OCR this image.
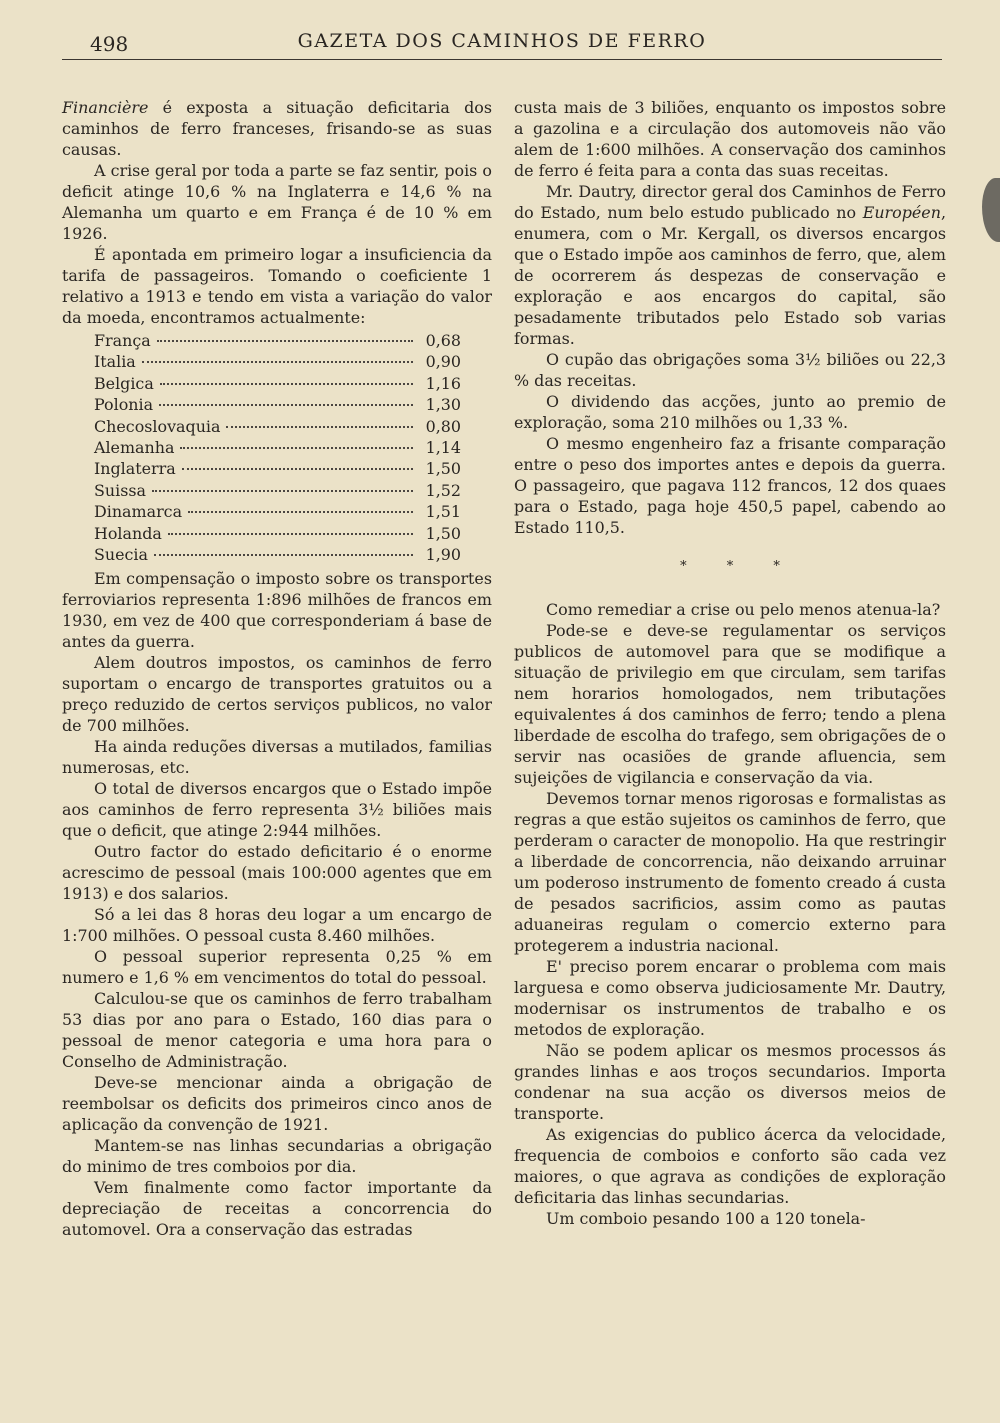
498	GAZETA DOS CAMINHOS DE FERRO

Financière é exposta a situação deficitaria dos caminhos de ferro franceses, frisando-se as suas causas.

A crise geral por toda a parte se faz sentir, pois o deficit atinge 10,6 % na Inglaterra e 14,6 % na Alemanha um quarto e em França é de 10 % em 1926.

É apontada em primeiro logar a insuficiencia da tarifa de passageiros. Tomando o coeficiente 1 relativo a 1913 e tendo em vista a variação do valor da moeda, encontramos actualmente:

França	0,68
Italia	0,90
Belgica	1,16
Polonia	1,30
Checoslovaquia	0,80
Alemanha	1,14
Inglaterra	1,50
Suissa	1,52
Dinamarca	1,51
Holanda	1,50
Suecia	1,90

Em compensação o imposto sobre os transportes ferroviarios representa 1:896 milhões de francos em 1930, em vez de 400 que corresponderiam á base de antes da guerra.

Alem doutros impostos, os caminhos de ferro suportam o encargo de transportes gratuitos ou a preço reduzido de certos serviços publicos, no valor de 700 milhões.

Ha ainda reduções diversas a mutilados, familias numerosas, etc.

O total de diversos encargos que o Estado impõe aos caminhos de ferro representa 3½ biliões mais que o deficit, que atinge 2:944 milhões.

Outro factor do estado deficitario é o enorme acrescimo de pessoal (mais 100:000 agentes que em 1913) e dos salarios.

Só a lei das 8 horas deu logar a um encargo de 1:700 milhões. O pessoal custa 8.460 milhões.

O pessoal superior representa 0,25 % em numero e 1,6 % em vencimentos do total do pessoal.

Calculou-se que os caminhos de ferro trabalham 53 dias por ano para o Estado, 160 dias para o pessoal de menor categoria e uma hora para o Conselho de Administração.

Deve-se mencionar ainda a obrigação de reembolsar os deficits dos primeiros cinco anos de aplicação da convenção de 1921.

Mantem-se nas linhas secundarias a obrigação do minimo de tres comboios por dia.

Vem finalmente como factor importante da depreciação de receitas a concorrencia do automovel. Ora a conservação das estradas

custa mais de 3 biliões, enquanto os impostos sobre a gazolina e a circulação dos automoveis não vão alem de 1:600 milhões. A conservação dos caminhos de ferro é feita para a conta das suas receitas.

Mr. Dautry, director geral dos Caminhos de Ferro do Estado, num belo estudo publicado no Européen, enumera, com o Mr. Kergall, os diversos encargos que o Estado impõe aos caminhos de ferro, que, alem de ocorrerem ás despezas de conservação e exploração e aos encargos do capital, são pesadamente tributados pelo Estado sob varias formas.

O cupão das obrigações soma 3½ biliões ou 22,3 % das receitas.

O dividendo das acções, junto ao premio de exploração, soma 210 milhões ou 1,33 %.

O mesmo engenheiro faz a frisante comparação entre o peso dos importes antes e depois da guerra. O passageiro, que pagava 112 francos, 12 dos quaes para o Estado, paga hoje 450,5 papel, cabendo ao Estado 110,5.

* * *

Como remediar a crise ou pelo menos atenua-la?

Pode-se e deve-se regulamentar os serviços publicos de automovel para que se modifique a situação de privilegio em que circulam, sem tarifas nem horarios homologados, nem tributações equivalentes á dos caminhos de ferro; tendo a plena liberdade de escolha do trafego, sem obrigações de o servir nas ocasiões de grande afluencia, sem sujeições de vigilancia e conservação da via.

Devemos tornar menos rigorosas e formalistas as regras a que estão sujeitos os caminhos de ferro, que perderam o caracter de monopolio. Ha que restringir a liberdade de concorrencia, não deixando arruinar um poderoso instrumento de fomento creado á custa de pesados sacrificios, assim como as pautas aduaneiras regulam o comercio externo para protegerem a industria nacional.

E' preciso porem encarar o problema com mais larguesa e como observa judiciosamente Mr. Dautry, modernisar os instrumentos de trabalho e os metodos de exploração.

Não se podem aplicar os mesmos processos ás grandes linhas e aos troços secundarios. Importa condenar na sua acção os diversos meios de transporte.

As exigencias do publico ácerca da velocidade, frequencia de comboios e conforto são cada vez maiores, o que agrava as condições de exploração deficitaria das linhas secundarias.

Um comboio pesando 100 a 120 tonela-
